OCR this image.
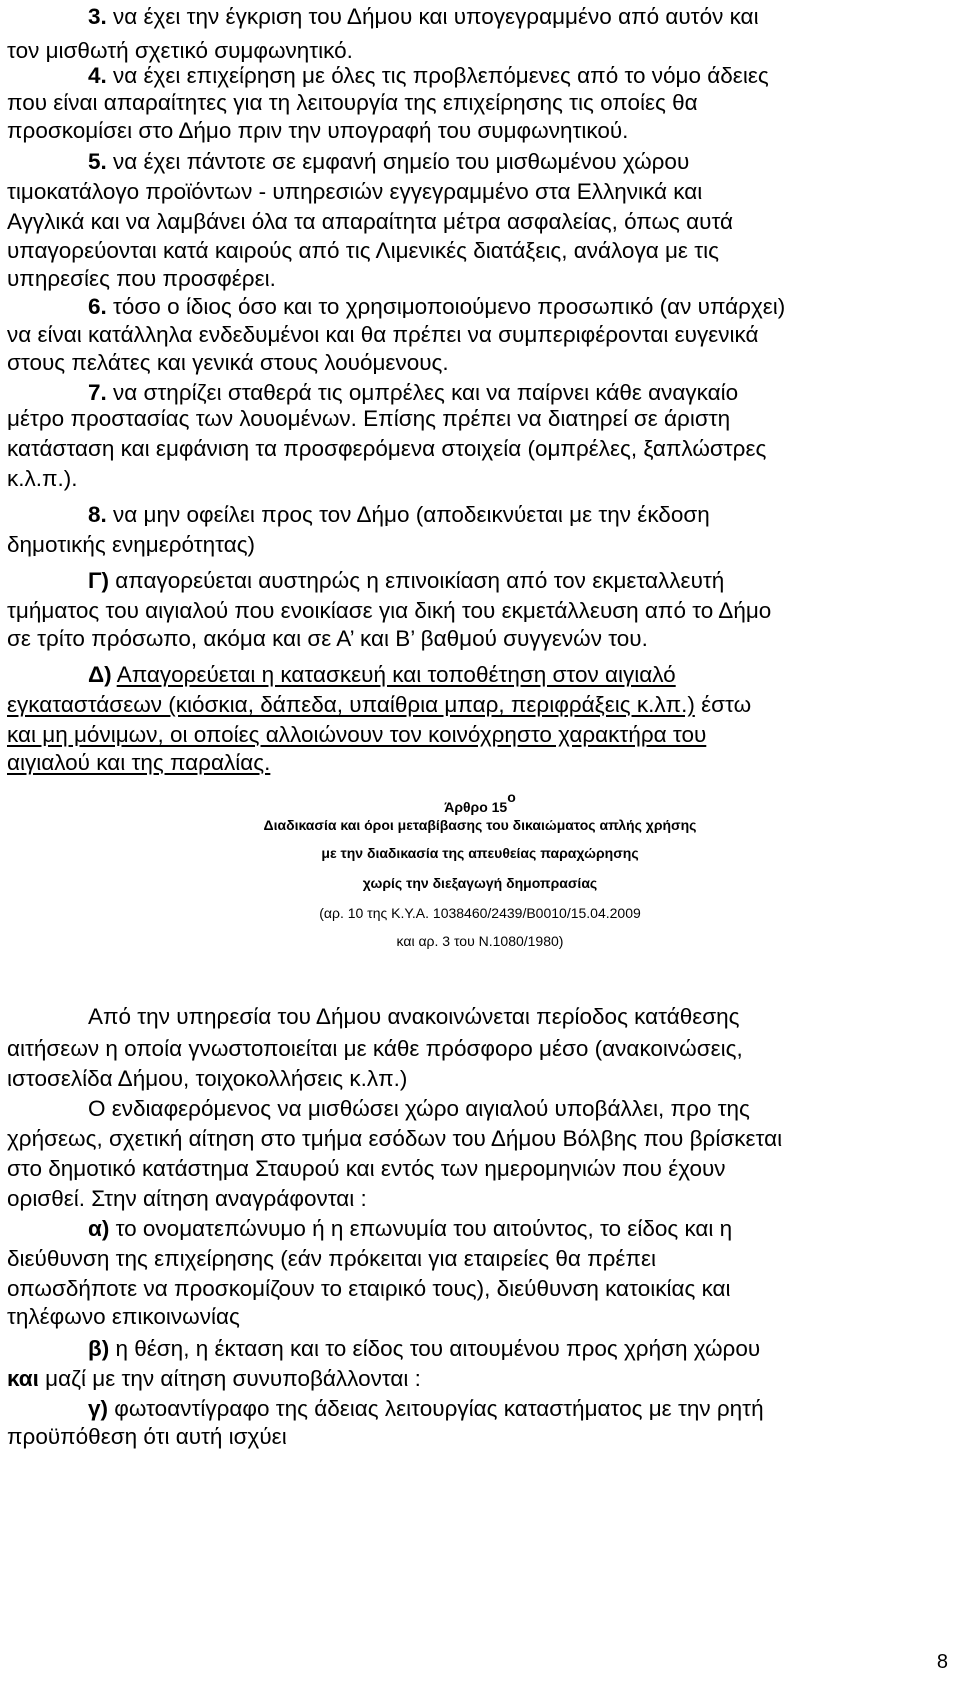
3. να έχει την έγκριση του Δήμου και υπογεγραμμένο από αυτόν και
τον μισθωτή σχετικό συμφωνητικό.
4. να έχει επιχείρηση με όλες τις προβλεπόμενες από το νόμο άδειες
που είναι απαραίτητες για τη λειτουργία της επιχείρησης τις οποίες θα
προσκομίσει στο Δήμο πριν την υπογραφή του συμφωνητικού.
5. να έχει πάντοτε σε εμφανή σημείο του μισθωμένου χώρου
τιμοκατάλογο προϊόντων - υπηρεσιών εγγεγραμμένο στα Ελληνικά και
Αγγλικά και να λαμβάνει όλα τα απαραίτητα μέτρα ασφαλείας, όπως αυτά
υπαγορεύονται κατά καιρούς από τις Λιμενικές διατάξεις, ανάλογα με τις
υπηρεσίες που προσφέρει.
6. τόσο ο ίδιος όσο και το χρησιμοποιούμενο προσωπικό (αν υπάρχει)
να είναι κατάλληλα ενδεδυμένοι και θα πρέπει να συμπεριφέρονται ευγενικά
στους πελάτες και γενικά στους λουόμενους.
7. να στηρίζει σταθερά τις ομπρέλες και να παίρνει κάθε αναγκαίο
μέτρο προστασίας των λουομένων. Επίσης πρέπει να διατηρεί σε άριστη
κατάσταση και εμφάνιση τα προσφερόμενα στοιχεία (ομπρέλες, ξαπλώστρες
κ.λ.π.).
8. να μην οφείλει προς τον Δήμο (αποδεικνύεται με την έκδοση
δημοτικής ενημερότητας)
Γ) απαγορεύεται αυστηρώς η επινοικίαση από τον εκμεταλλευτή
τμήματος του αιγιαλού που ενοικίασε για δική του εκμετάλλευση από το Δήμο
σε τρίτο πρόσωπο, ακόμα και σε Α’ και Β’ βαθμού συγγενών του.
Δ) Απαγορεύεται η κατασκευή και τοποθέτηση στον αιγιαλό
εγκαταστάσεων (κιόσκια, δάπεδα, υπαίθρια μπαρ, περιφράξεις κ.λπ.) έστω
και μη μόνιμων, οι οποίες αλλοιώνουν τον κοινόχρηστο χαρακτήρα του
αιγιαλού και της παραλίας.
Άρθρο 15ο
Διαδικασία και όροι μεταβίβασης του δικαιώματος απλής χρήσης
με την διαδικασία της απευθείας παραχώρησης
χωρίς την διεξαγωγή δημοπρασίας
(αρ. 10 της Κ.Υ.Α. 1038460/2439/Β0010/15.04.2009
και αρ. 3 του Ν.1080/1980)
Από την υπηρεσία του Δήμου ανακοινώνεται περίοδος κατάθεσης
αιτήσεων η οποία γνωστοποιείται με κάθε πρόσφορο μέσο (ανακοινώσεις,
ιστοσελίδα Δήμου, τοιχοκολλήσεις κ.λπ.)
Ο ενδιαφερόμενος να μισθώσει χώρο αιγιαλού υποβάλλει, προ της
χρήσεως, σχετική αίτηση στο τμήμα εσόδων του Δήμου Βόλβης που βρίσκεται
στο δημοτικό κατάστημα Σταυρού και εντός των ημερομηνιών που έχουν
ορισθεί. Στην αίτηση αναγράφονται :
α) το ονοματεπώνυμο ή η επωνυμία του αιτούντος, το είδος και η
διεύθυνση της επιχείρησης (εάν πρόκειται για εταιρείες θα πρέπει
οπωσδήποτε να προσκομίζουν το εταιρικό τους), διεύθυνση κατοικίας και
τηλέφωνο επικοινωνίας
β) η θέση, η έκταση και το είδος του αιτουμένου προς χρήση χώρου
και μαζί με την αίτηση συνυποβάλλονται :
γ) φωτοαντίγραφο της άδειας λειτουργίας καταστήματος με την ρητή
προϋπόθεση ότι αυτή ισχύει
8
